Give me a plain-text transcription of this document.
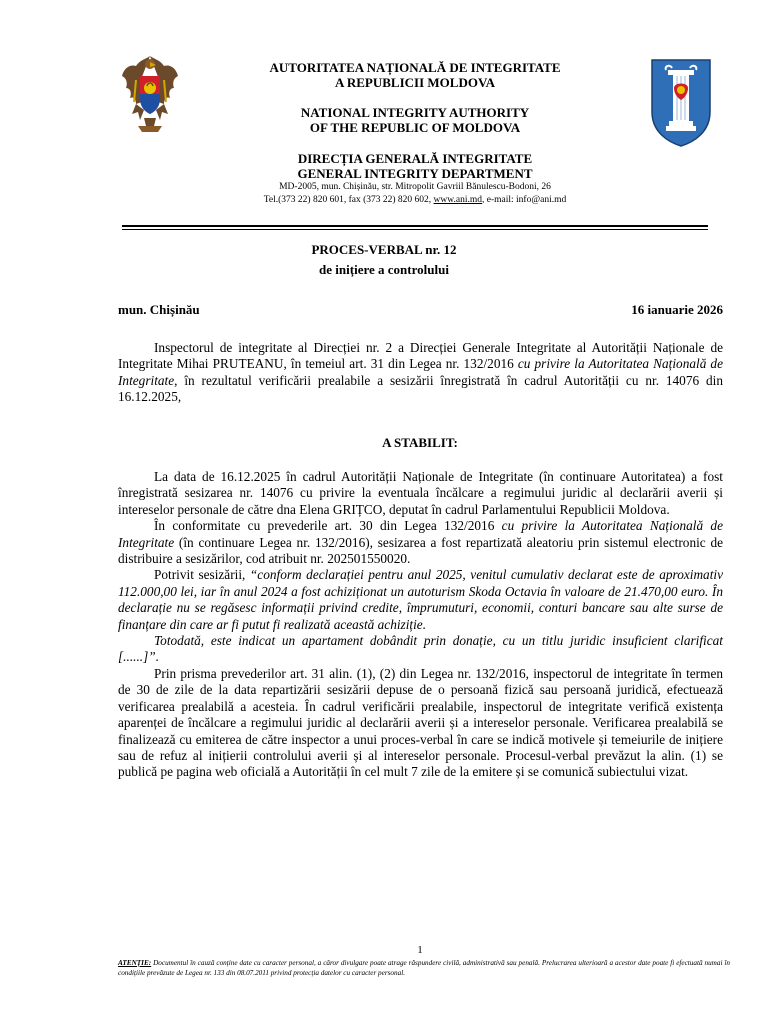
AUTORITATEA NAȚIONALĂ DE INTEGRITATE
A REPUBLICII MOLDOVA
NATIONAL INTEGRITY AUTHORITY
OF THE REPUBLIC OF MOLDOVA
DIRECȚIA GENERALĂ INTEGRITATE
GENERAL INTEGRITY DEPARTMENT
MD-2005, mun. Chișinău, str. Mitropolit Gavriil Bănulescu-Bodoni, 26
Tel.(373 22) 820 601, fax (373 22) 820 602, www.ani.md, e-mail: info@ani.md
PROCES-VERBAL nr. 12
de inițiere a controlului
mun. Chișinău	16 ianuarie 2026

Inspectorul de integritate al Direcției nr. 2 a Direcției Generale Integritate al Autorității Naționale de Integritate Mihai PRUTEANU, în temeiul art. 31 din Legea nr. 132/2016 cu privire la Autoritatea Națională de Integritate, în rezultatul verificării prealabile a sesizării înregistrată în cadrul Autorității cu nr. 14076 din 16.12.2025,

A STABILIT:

La data de 16.12.2025 în cadrul Autorității Naționale de Integritate (în continuare Autoritatea) a fost înregistrată sesizarea nr. 14076 cu privire la eventuala încălcare a regimului juridic al declarării averii și intereselor personale de către dna Elena GRIȚCO, deputat în cadrul Parlamentului Republicii Moldova.

În conformitate cu prevederile art. 30 din Legea 132/2016 cu privire la Autoritatea Națională de Integritate (în continuare Legea nr. 132/2016), sesizarea a fost repartizată aleatoriu prin sistemul electronic de distribuire a sesizărilor, cod atribuit nr. 202501550020.

Potrivit sesizării, “conform declarației pentru anul 2025, venitul cumulativ declarat este de aproximativ 112.000,00 lei, iar în anul 2024 a fost achiziționat un autoturism Skoda Octavia în valoare de 21.470,00 euro. În declarație nu se regăsesc informații privind credite, împrumuturi, economii, conturi bancare sau alte surse de finanțare din care ar fi putut fi realizată această achiziție.

Totodată, este indicat un apartament dobândit prin donație, cu un titlu juridic insuficient clarificat [......]”.

Prin prisma prevederilor art. 31 alin. (1), (2) din Legea nr. 132/2016, inspectorul de integritate în termen de 30 de zile de la data repartizării sesizării depuse de o persoană fizică sau persoană juridică, efectuează verificarea prealabilă a acesteia. În cadrul verificării prealabile, inspectorul de integritate verifică existența aparenței de încălcare a regimului juridic al declarării averii și a intereselor personale. Verificarea prealabilă se finalizează cu emiterea de către inspector a unui proces-verbal în care se indică motivele și temeiurile de inițiere sau de refuz al inițierii controlului averii și al intereselor personale. Procesul-verbal prevăzut la alin. (1) se publică pe pagina web oficială a Autorității în cel mult 7 zile de la emitere și se comunică subiectului vizat.

1
ATENȚIE: Documentul în cauză conține date cu caracter personal, a căror divulgare poate atrage răspundere civilă, administrativă sau penală. Prelucrarea ulterioară a acestor date poate fi efectuată numai în condițiile prevăzute de Legea nr. 133 din 08.07.2011 privind protecția datelor cu caracter personal.
